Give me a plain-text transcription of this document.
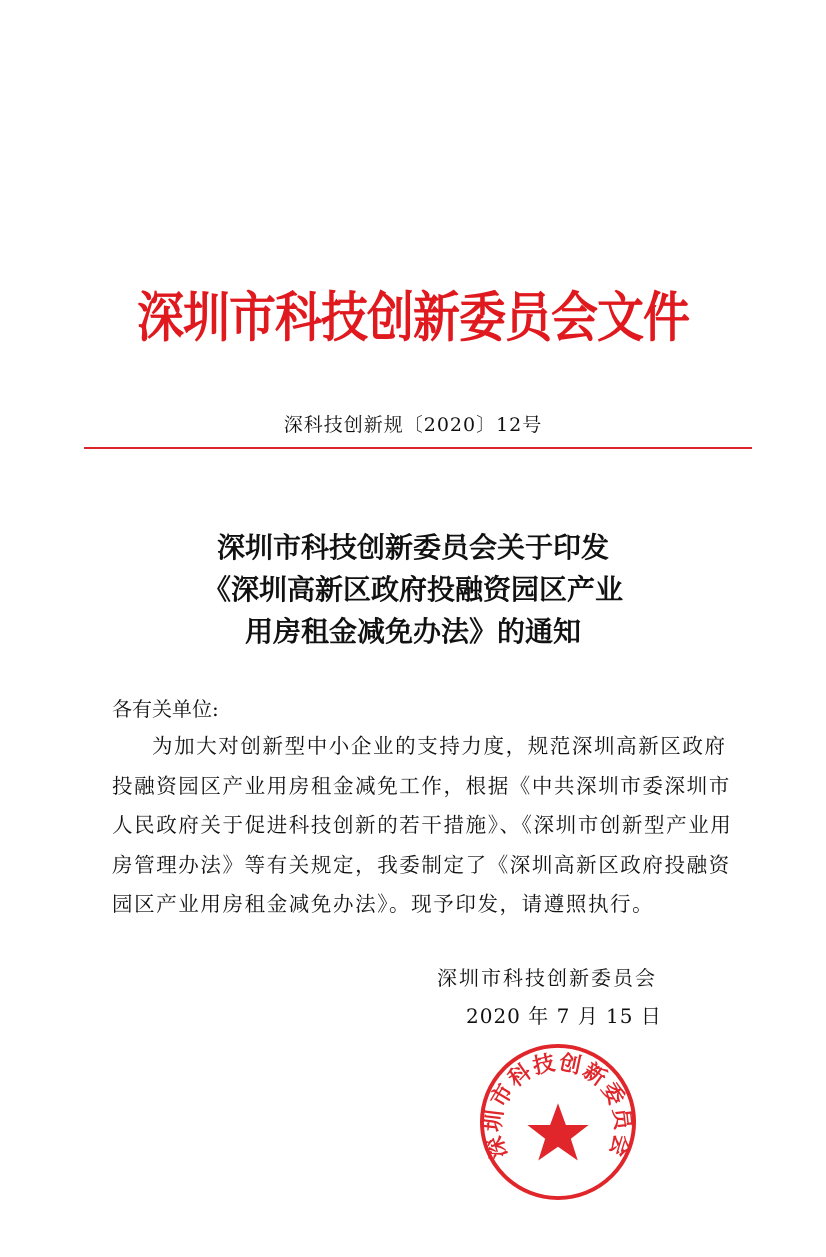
深圳市科技创新委员会文件
深科技创新规〔2020〕12号
深圳市科技创新委员会关于印发
《深圳高新区政府投融资园区产业
用房租金减免办法》的通知
各有关单位:
为加大对创新型中小企业的支持力度，规范深圳高新区政府
投融资园区产业用房租金减免工作，根据《中共深圳市委深圳市
人民政府关于促进科技创新的若干措施》、《深圳市创新型产业用
房管理办法》等有关规定，我委制定了《深圳高新区政府投融资
园区产业用房租金减免办法》。现予印发，请遵照执行。
深圳市科技创新委员会
2020 年 7 月 15 日
深圳市科技创新委员会
